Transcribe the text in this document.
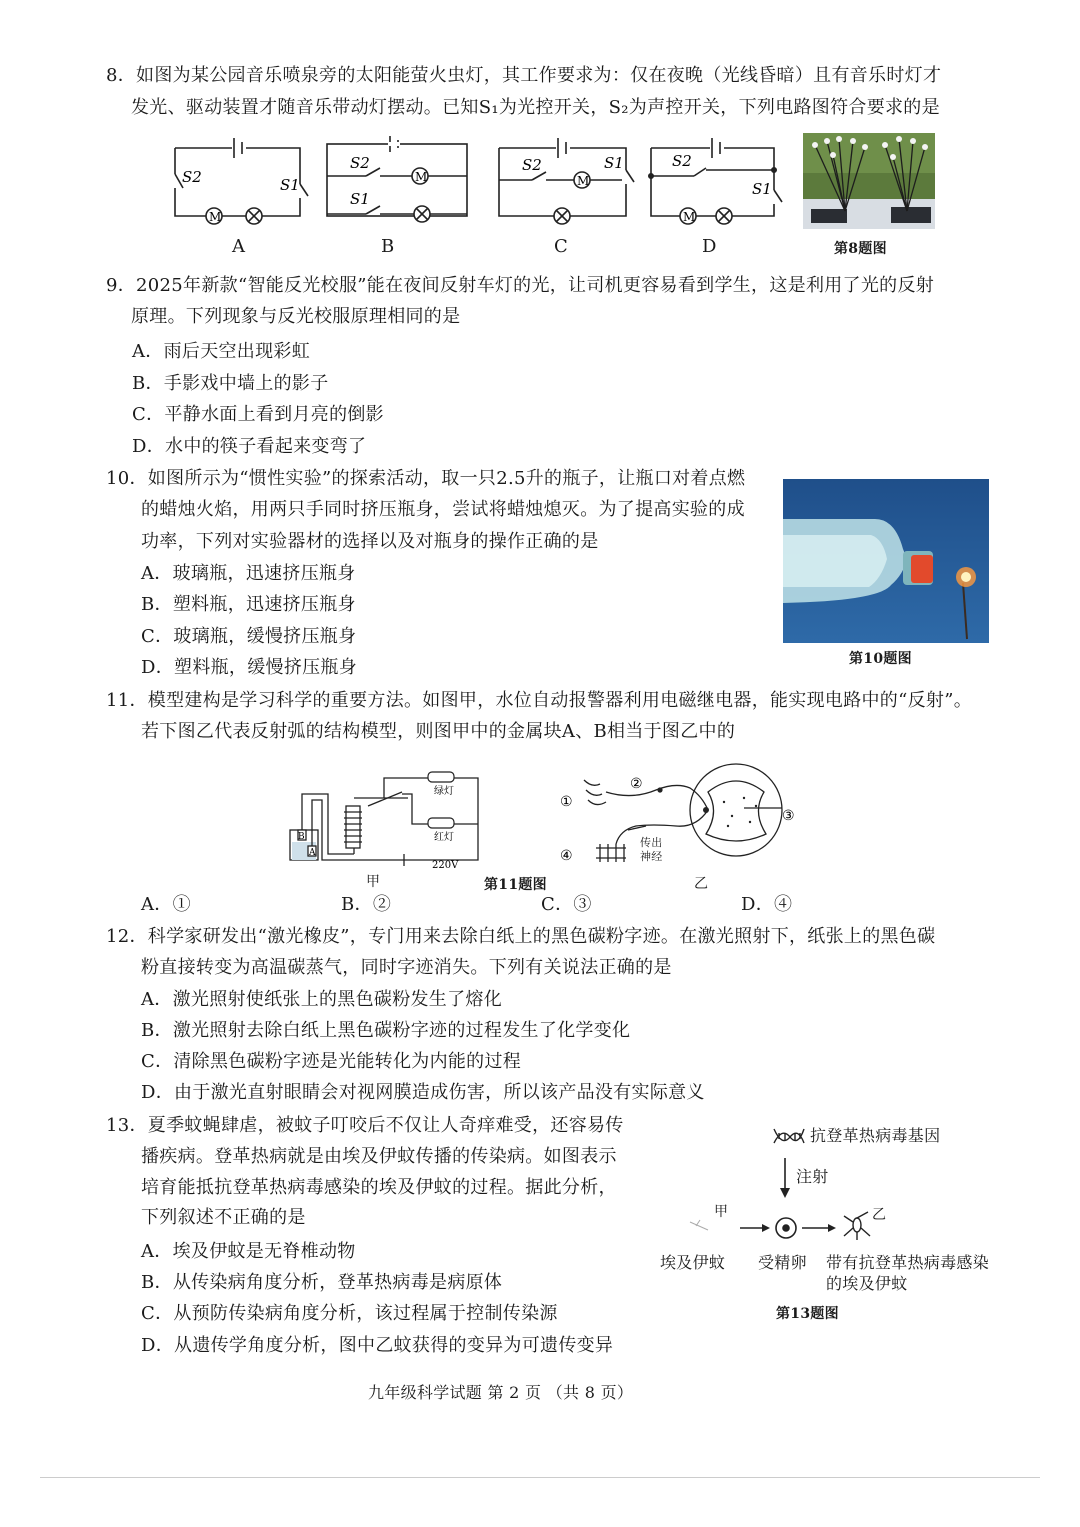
8．如图为某公园音乐喷泉旁的太阳能萤火虫灯，其工作要求为：仅在夜晚（光线昏暗）且有音乐时灯才
发光、驱动装置才随音乐带动灯摆动。已知S₁为光控开关，S₂为声控开关，下列电路图符合要求的是
S2	S1
M
A
S2
S1
M
B
S2	S1
M
C
S2
S1
M
D	第8题图
9．2025年新款“智能反光校服”能在夜间反射车灯的光，让司机更容易看到学生，这是利用了光的反射
原理。下列现象与反光校服原理相同的是
A．雨后天空出现彩虹
B．手影戏中墙上的影子
C．平静水面上看到月亮的倒影
D．水中的筷子看起来变弯了
10．如图所示为“惯性实验”的探索活动，取一只2.5升的瓶子，让瓶口对着点燃
的蜡烛火焰，用两只手同时挤压瓶身，尝试将蜡烛熄灭。为了提高实验的成
功率，下列对实验器材的选择以及对瓶身的操作正确的是
A．玻璃瓶，迅速挤压瓶身
B．塑料瓶，迅速挤压瓶身
C．玻璃瓶，缓慢挤压瓶身
D．塑料瓶，缓慢挤压瓶身	第10题图
11．模型建构是学习科学的重要方法。如图甲，水位自动报警器利用电磁继电器，能实现电路中的“反射”。
若下图乙代表反射弧的结构模型，则图甲中的金属块A、B相当于图乙中的
绿灯
红灯
220V
B
A
甲	第11题图
①
②
③
④
传出神经
乙
A．①	B．②	C．③	D．④
12．科学家研发出“激光橡皮”，专门用来去除白纸上的黑色碳粉字迹。在激光照射下，纸张上的黑色碳
粉直接转变为高温碳蒸气，同时字迹消失。下列有关说法正确的是
A．激光照射使纸张上的黑色碳粉发生了熔化
B．激光照射去除白纸上黑色碳粉字迹的过程发生了化学变化
C．清除黑色碳粉字迹是光能转化为内能的过程
D．由于激光直射眼睛会对视网膜造成伤害，所以该产品没有实际意义
13．夏季蚊蝇肆虐，被蚊子叮咬后不仅让人奇痒难受，还容易传
播疾病。登革热病就是由埃及伊蚊传播的传染病。如图表示
培育能抵抗登革热病毒感染的埃及伊蚊的过程。据此分析，
下列叙述不正确的是
A．埃及伊蚊是无脊椎动物
B．从传染病角度分析，登革热病毒是病原体
C．从预防传染病角度分析，该过程属于控制传染源
D．从遗传学角度分析，图中乙蚊获得的变异为可遗传变异
抗登革热病毒基因
注射
甲	乙
埃及伊蚊 受精卵 带有抗登革热病毒感染
的埃及伊蚊
第13题图
九年级科学试题 第 2 页 （共 8 页）
